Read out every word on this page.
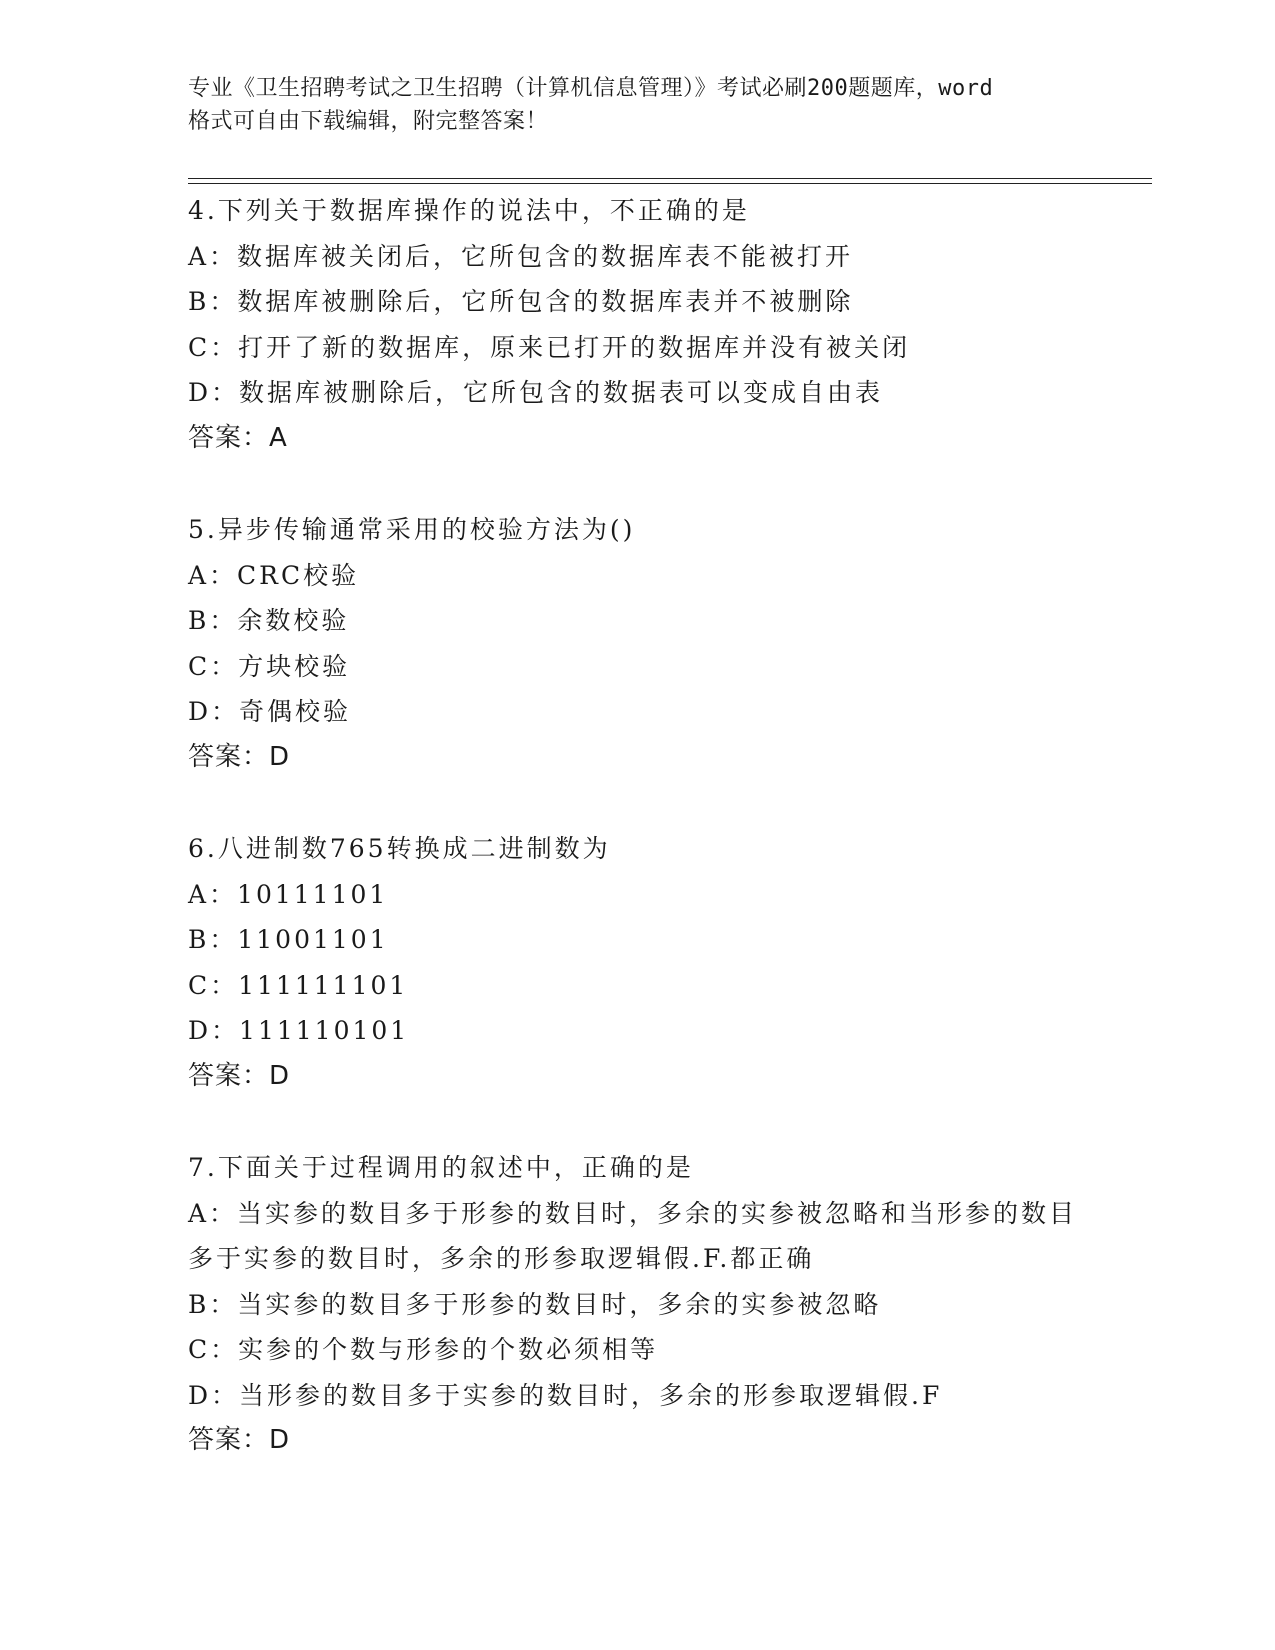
专业《卫生招聘考试之卫生招聘（计算机信息管理）》考试必刷200题题库，word
格式可自由下载编辑，附完整答案！
4.下列关于数据库操作的说法中，不正确的是
A：数据库被关闭后，它所包含的数据库表不能被打开
B：数据库被删除后，它所包含的数据库表并不被删除
C：打开了新的数据库，原来已打开的数据库并没有被关闭
D：数据库被删除后，它所包含的数据表可以变成自由表
答案：A
5.异步传输通常采用的校验方法为()
A：CRC校验
B：余数校验
C：方块校验
D：奇偶校验
答案：D
6.八进制数765转换成二进制数为
A：10111101
B：11001101
C：111111101
D：111110101
答案：D
7.下面关于过程调用的叙述中，正确的是
A：当实参的数目多于形参的数目时，多余的实参被忽略和当形参的数目多于实参的数目时，多余的形参取逻辑假.F.都正确
B：当实参的数目多于形参的数目时，多余的实参被忽略
C：实参的个数与形参的个数必须相等
D：当形参的数目多于实参的数目时，多余的形参取逻辑假.F
答案：D
